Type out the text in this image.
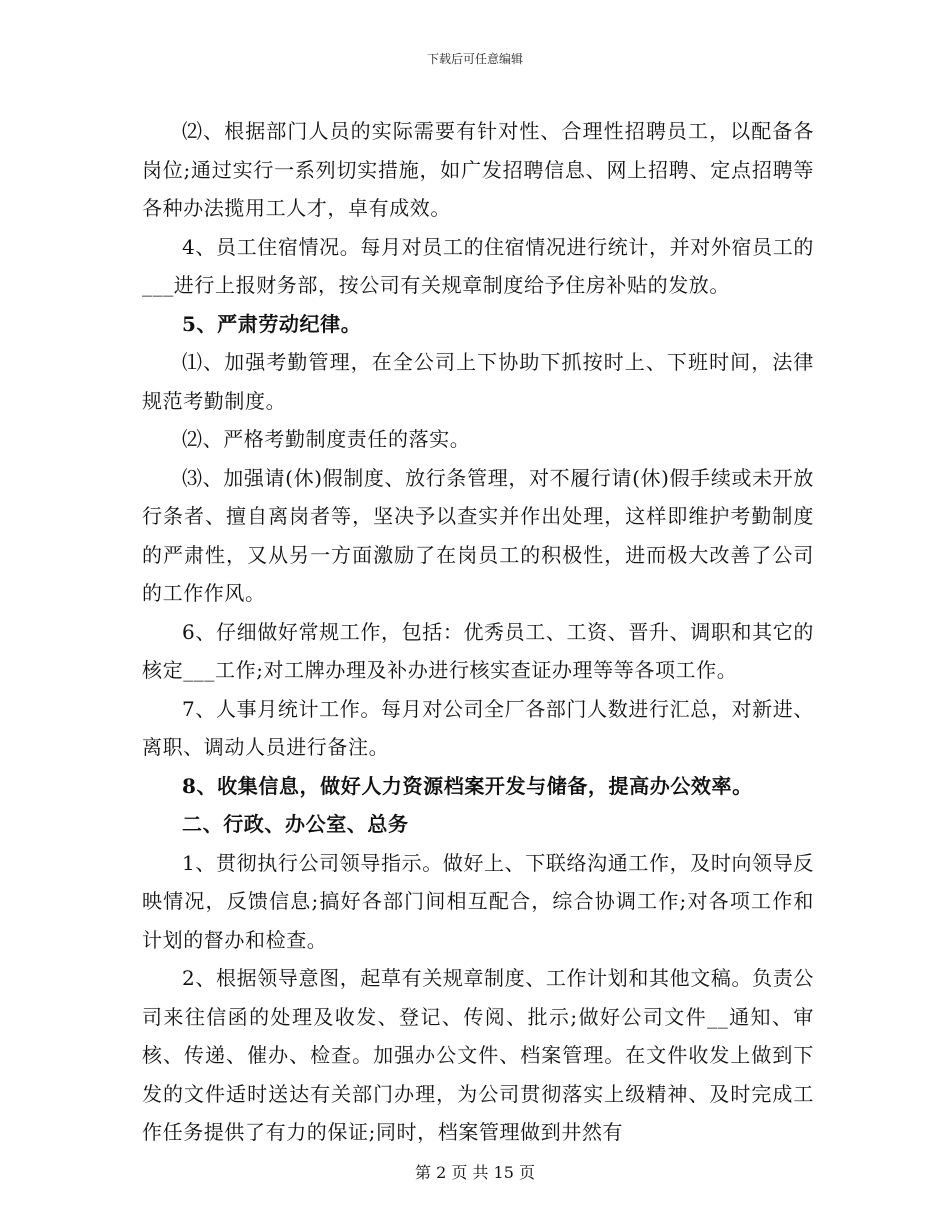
下载后可任意编辑

⑵、根据部门人员的实际需要有针对性、合理性招聘员工，以配备各岗位;通过实行一系列切实措施，如广发招聘信息、网上招聘、定点招聘等各种办法揽用工人才，卓有成效。

4、员工住宿情况。每月对员工的住宿情况进行统计，并对外宿员工的___进行上报财务部，按公司有关规章制度给予住房补贴的发放。

5、严肃劳动纪律。

⑴、加强考勤管理，在全公司上下协助下抓按时上、下班时间，法律规范考勤制度。

⑵、严格考勤制度责任的落实。

⑶、加强请(休)假制度、放行条管理，对不履行请(休)假手续或未开放行条者、擅自离岗者等，坚决予以查实并作出处理，这样即维护考勤制度的严肃性，又从另一方面激励了在岗员工的积极性，进而极大改善了公司的工作作风。

6、仔细做好常规工作，包括：优秀员工、工资、晋升、调职和其它的核定___工作;对工牌办理及补办进行核实查证办理等等各项工作。

7、人事月统计工作。每月对公司全厂各部门人数进行汇总，对新进、离职、调动人员进行备注。

8、收集信息，做好人力资源档案开发与储备，提高办公效率。

二、行政、办公室、总务

1、贯彻执行公司领导指示。做好上、下联络沟通工作，及时向领导反映情况，反馈信息;搞好各部门间相互配合，综合协调工作;对各项工作和计划的督办和检查。

2、根据领导意图，起草有关规章制度、工作计划和其他文稿。负责公司来往信函的处理及收发、登记、传阅、批示;做好公司文件__通知、审核、传递、催办、检查。加强办公文件、档案管理。在文件收发上做到下发的文件适时送达有关部门办理，为公司贯彻落实上级精神、及时完成工作任务提供了有力的保证;同时，档案管理做到井然有

第 2 页 共 15 页
